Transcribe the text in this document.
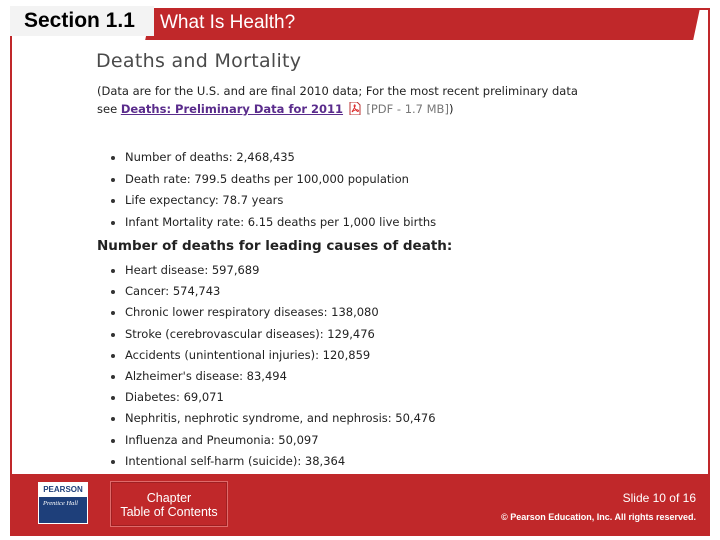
Section 1.1 What Is Health?
Deaths and Mortality
(Data are for the U.S. and are final 2010 data; For the most recent preliminary data
see Deaths: Preliminary Data for 2011 [PDF - 1.7 MB])
Number of deaths: 2,468,435
Death rate: 799.5 deaths per 100,000 population
Life expectancy: 78.7 years
Infant Mortality rate: 6.15 deaths per 1,000 live births
Number of deaths for leading causes of death:
Heart disease: 597,689
Cancer: 574,743
Chronic lower respiratory diseases: 138,080
Stroke (cerebrovascular diseases): 129,476
Accidents (unintentional injuries): 120,859
Alzheimer's disease: 83,494
Diabetes: 69,071
Nephritis, nephrotic syndrome, and nephrosis: 50,476
Influenza and Pneumonia: 50,097
Intentional self-harm (suicide): 38,364
PEARSON
Prentice Hall	Chapter
Table of Contents
Slide 10 of 16
© Pearson Education, Inc. All rights reserved.
